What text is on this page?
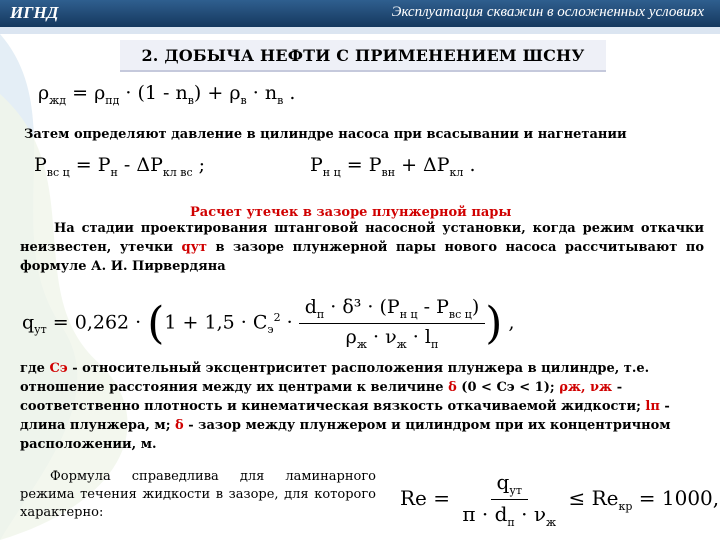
ИГНД	Эксплуатация скважин в осложненных условиях
2. ДОБЫЧА НЕФТИ С ПРИМЕНЕНИЕМ ШСНУ
$\rho_{жд} = \rho_{пд} \cdot (1 - n_в) + \rho_в \cdot n_в$ .
Затем определяют давление в цилиндре насоса при всасывании и нагнетании
$P_{вс ц} = P_н - \Delta P_{кл вс}$ ;	$P_{н ц} = P_{вн} + \Delta P_{кл}$ .
Расчет утечек в зазоре плунжерной пары
На стадии проектирования штанговой насосной установки, когда режим откачки неизвестен, утечки qут в зазоре плунжерной пары нового насоса рассчитывают по формуле А. И. Пирвердяна
$q_{ут} = 0,262 \cdot (1 + 1,5 \cdot C_э^2 \cdot \frac{d_п \cdot \delta^3 \cdot (P_{н ц} - P_{вс ц})}{\rho_ж \cdot \nu_ж \cdot l_п}$ ) ,
где Сэ - относительный эксцентриситет расположения плунжера в цилиндре, т.е. отношение расстояния между их центрами к величине δ (0 < Сэ < 1); ρж, νж - соответственно плотность и кинематическая вязкость откачиваемой жидкости; lп - длина плунжера, м; δ - зазор между плунжером и цилиндром при их концентричном расположении, м.
Формула справедлива для ламинарного режима течения жидкости в зазоре, для которого характерно:
$Re = \frac{q_{ут}}{\pi \cdot d_п \cdot \nu_ж} \le Re_{кр} = 1000$,
